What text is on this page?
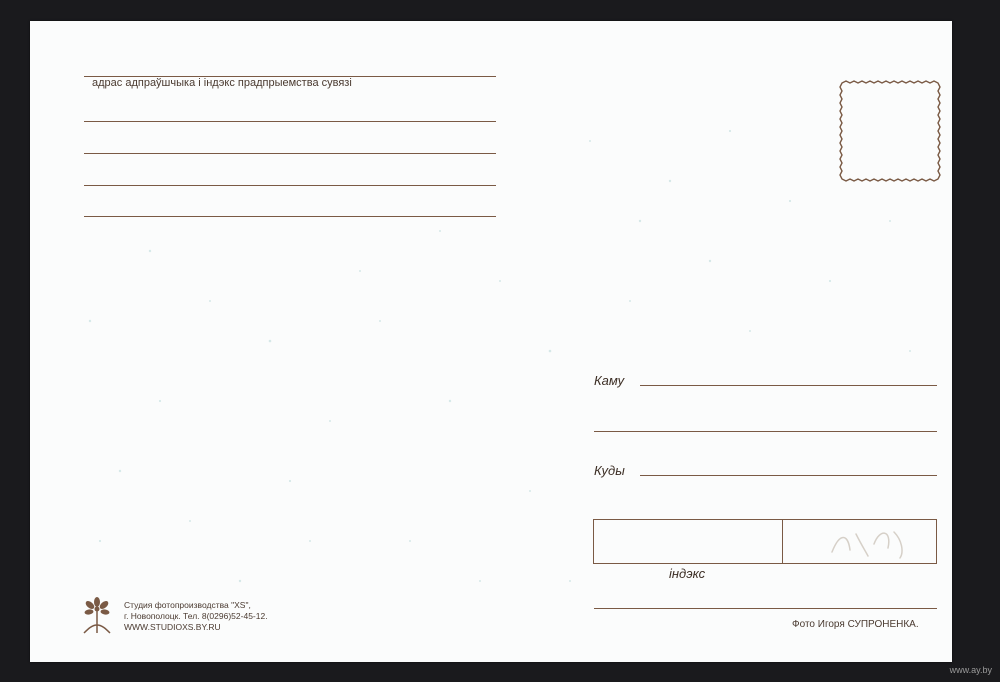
адрас адпраўшчыка і індэкс прадпрыемства сувязі
Каму
Куды
індэкс
Студия фотопроизводства "XS",
г. Новополоцк. Тел. 8(0296)52-45-12.
WWW.STUDIOXS.BY.RU	Фото Игоря СУПРОНЕНКА.
www.ay.by
